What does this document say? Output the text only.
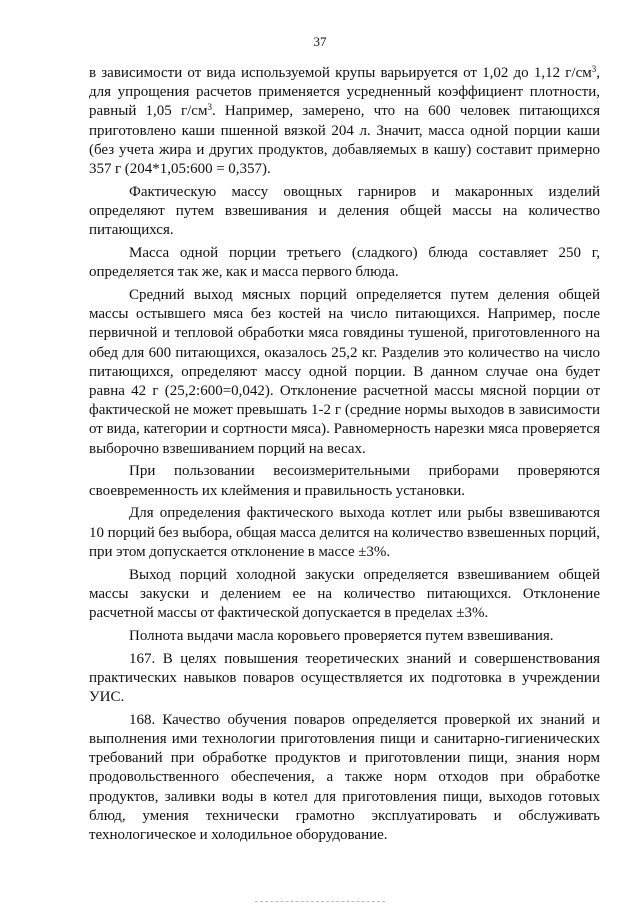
37

в зависимости от вида используемой крупы варьируется от 1,02 до 1,12 $г/см^3$, для упрощения расчетов применяется усредненный коэффициент плотности, равный 1,05 $г/см^3$. Например, замерено, что на 600 человек питающихся приготовлено каши пшенной вязкой 204 л. Значит, масса одной порции каши (без учета жира и других продуктов, добавляемых в кашу) составит примерно 357 г (204*1,05:600 = 0,357).

Фактическую массу овощных гарниров и макаронных изделий определяют путем взвешивания и деления общей массы на количество питающихся.

Масса одной порции третьего (сладкого) блюда составляет 250 г, определяется так же, как и масса первого блюда.

Средний выход мясных порций определяется путем деления общей массы остывшего мяса без костей на число питающихся. Например, после первичной и тепловой обработки мяса говядины тушеной, приготовленного на обед для 600 питающихся, оказалось 25,2 кг. Разделив это количество на число питающихся, определяют массу одной порции. В данном случае она будет равна 42 г (25,2:600=0,042). Отклонение расчетной массы мясной порции от фактической не может превышать 1-2 г (средние нормы выходов в зависимости от вида, категории и сортности мяса). Равномерность нарезки мяса проверяется выборочно взвешиванием порций на весах.

При пользовании весоизмерительными приборами проверяются своевременность их клеймения и правильность установки.

Для определения фактического выхода котлет или рыбы взвешиваются 10 порций без выбора, общая масса делится на количество взвешенных порций, при этом допускается отклонение в массе ±3%.

Выход порций холодной закуски определяется взвешиванием общей массы закуски и делением ее на количество питающихся. Отклонение расчетной массы от фактической допускается в пределах ±3%.

Полнота выдачи масла коровьего проверяется путем взвешивания.

167. В целях повышения теоретических знаний и совершенствования практических навыков поваров осуществляется их подготовка в учреждении УИС.

168. Качество обучения поваров определяется проверкой их знаний и выполнения ими технологии приготовления пищи и санитарно-гигиенических требований при обработке продуктов и приготовлении пищи, знания норм продовольственного обеспечения, а также норм отходов при обработке продуктов, заливки воды в котел для приготовления пищи, выходов готовых блюд, умения технически грамотно эксплуатировать и обслуживать технологическое и холодильное оборудование.
